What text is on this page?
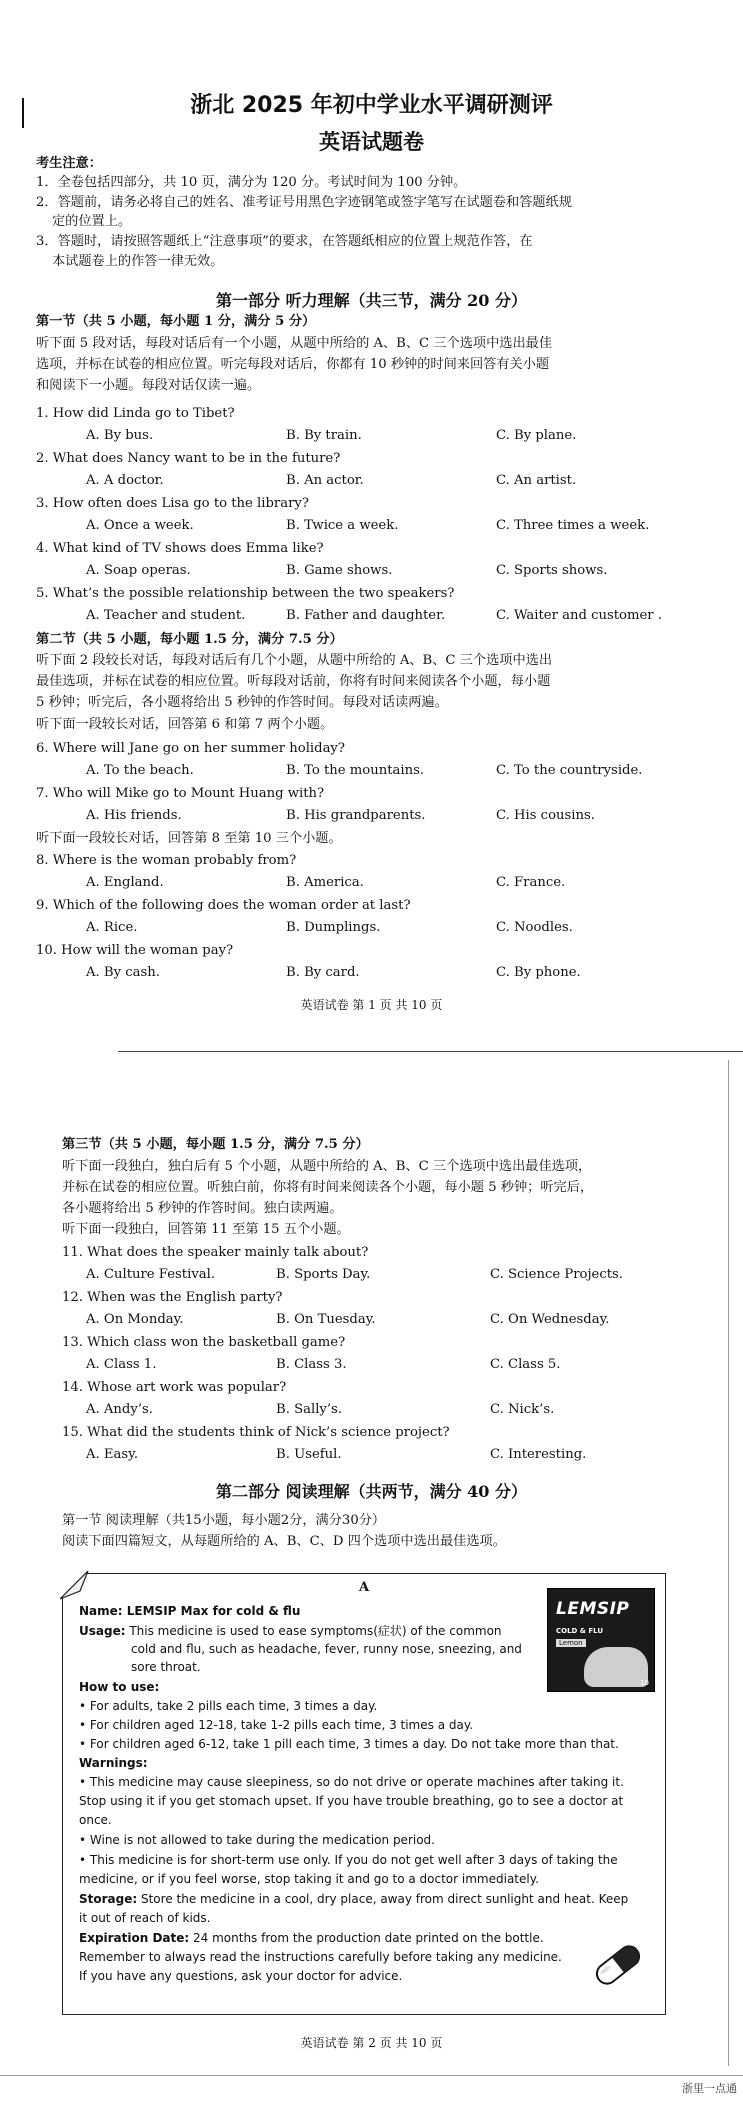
浙北 2025 年初中学业水平调研测评
英语试题卷
考生注意：
1．全卷包括四部分，共 10 页，满分为 120 分。考试时间为 100 分钟。
2．答题前，请务必将自己的姓名、准考证号用黑色字迹钢笔或签字笔写在试题卷和答题纸规
定的位置上。
3．答题时，请按照答题纸上“注意事项”的要求，在答题纸相应的位置上规范作答，在
本试题卷上的作答一律无效。
第一部分 听力理解（共三节，满分 20 分）
第一节（共 5 小题，每小题 1 分，满分 5 分）
听下面 5 段对话，每段对话后有一个小题，从题中所给的 A、B、C 三个选项中选出最佳
选项，并标在试卷的相应位置。听完每段对话后，你都有 10 秒钟的时间来回答有关小题
和阅读下一小题。每段对话仅读一遍。
1. How did Linda go to Tibet?
A. By bus.	B. By train.	C. By plane.
2. What does Nancy want to be in the future?
A. A doctor.	B. An actor.	C. An artist.
3. How often does Lisa go to the library?
A. Once a week.	B. Twice a week.	C. Three times a week.
4. What kind of TV shows does Emma like?
A. Soap operas.	B. Game shows.	C. Sports shows.
5. What’s the possible relationship between the two speakers?
A. Teacher and student.	B. Father and daughter.	C. Waiter and customer .
第二节（共 5 小题，每小题 1.5 分，满分 7.5 分）
听下面 2 段较长对话，每段对话后有几个小题，从题中所给的 A、B、C 三个选项中选出
最佳选项，并标在试卷的相应位置。听每段对话前，你将有时间来阅读各个小题，每小题
5 秒钟；听完后，各小题将给出 5 秒钟的作答时间。每段对话读两遍。
听下面一段较长对话，回答第 6 和第 7 两个小题。
6. Where will Jane go on her summer holiday?
A. To the beach.	B. To the mountains.	C. To the countryside.
7. Who will Mike go to Mount Huang with?
A. His friends.	B. His grandparents.	C. His cousins.
听下面一段较长对话，回答第 8 至第 10 三个小题。
8. Where is the woman probably from?
A. England.	B. America.	C. France.
9. Which of the following does the woman order at last?
A. Rice.	B. Dumplings.	C. Noodles.
10. How will the woman pay?
A. By cash.	B. By card.	C. By phone.
英语试卷 第 1 页 共 10 页
第三节（共 5 小题，每小题 1.5 分，满分 7.5 分）
听下面一段独白，独白后有 5 个小题，从题中所给的 A、B、C 三个选项中选出最佳选项，
并标在试卷的相应位置。听独白前，你将有时间来阅读各个小题，每小题 5 秒钟；听完后，
各小题将给出 5 秒钟的作答时间。独白读两遍。
听下面一段独白，回答第 11 至第 15 五个小题。
11. What does the speaker mainly talk about?
A. Culture Festival.	B. Sports Day.	C. Science Projects.
12. When was the English party?
A. On Monday.	B. On Tuesday.	C. On Wednesday.
13. Which class won the basketball game?
A. Class 1.	B. Class 3.	C. Class 5.
14. Whose art work was popular?
A. Andy’s.	B. Sally’s.	C. Nick’s.
15. What did the students think of Nick’s science project?
A. Easy.	B. Useful.	C. Interesting.
第二部分 阅读理解（共两节，满分 40 分）
第一节 阅读理解（共15小题，每小题2分，满分30分）
阅读下面四篇短文，从每题所给的 A、B、C、D 四个选项中选出最佳选项。
A
LEMSIP
COLD & FLU
Lemon
10
Name: LEMSIP Max for cold & flu
Usage: This medicine is used to ease symptoms(症状) of the common
cold and flu, such as headache, fever, runny nose, sneezing, and
sore throat.
How to use:
• For adults, take 2 pills each time, 3 times a day.
• For children aged 12-18, take 1-2 pills each time, 3 times a day.
• For children aged 6-12, take 1 pill each time, 3 times a day. Do not take more than that.
Warnings:
• This medicine may cause sleepiness, so do not drive or operate machines after taking it.
Stop using it if you get stomach upset. If you have trouble breathing, go to see a doctor at
once.
• Wine is not allowed to take during the medication period.
• This medicine is for short-term use only. If you do not get well after 3 days of taking the
medicine, or if you feel worse, stop taking it and go to a doctor immediately.
Storage: Store the medicine in a cool, dry place, away from direct sunlight and heat. Keep
it out of reach of kids.
Expiration Date: 24 months from the production date printed on the bottle.
Remember to always read the instructions carefully before taking any medicine.
If you have any questions, ask your doctor for advice.
英语试卷 第 2 页 共 10 页
浙里一点通
